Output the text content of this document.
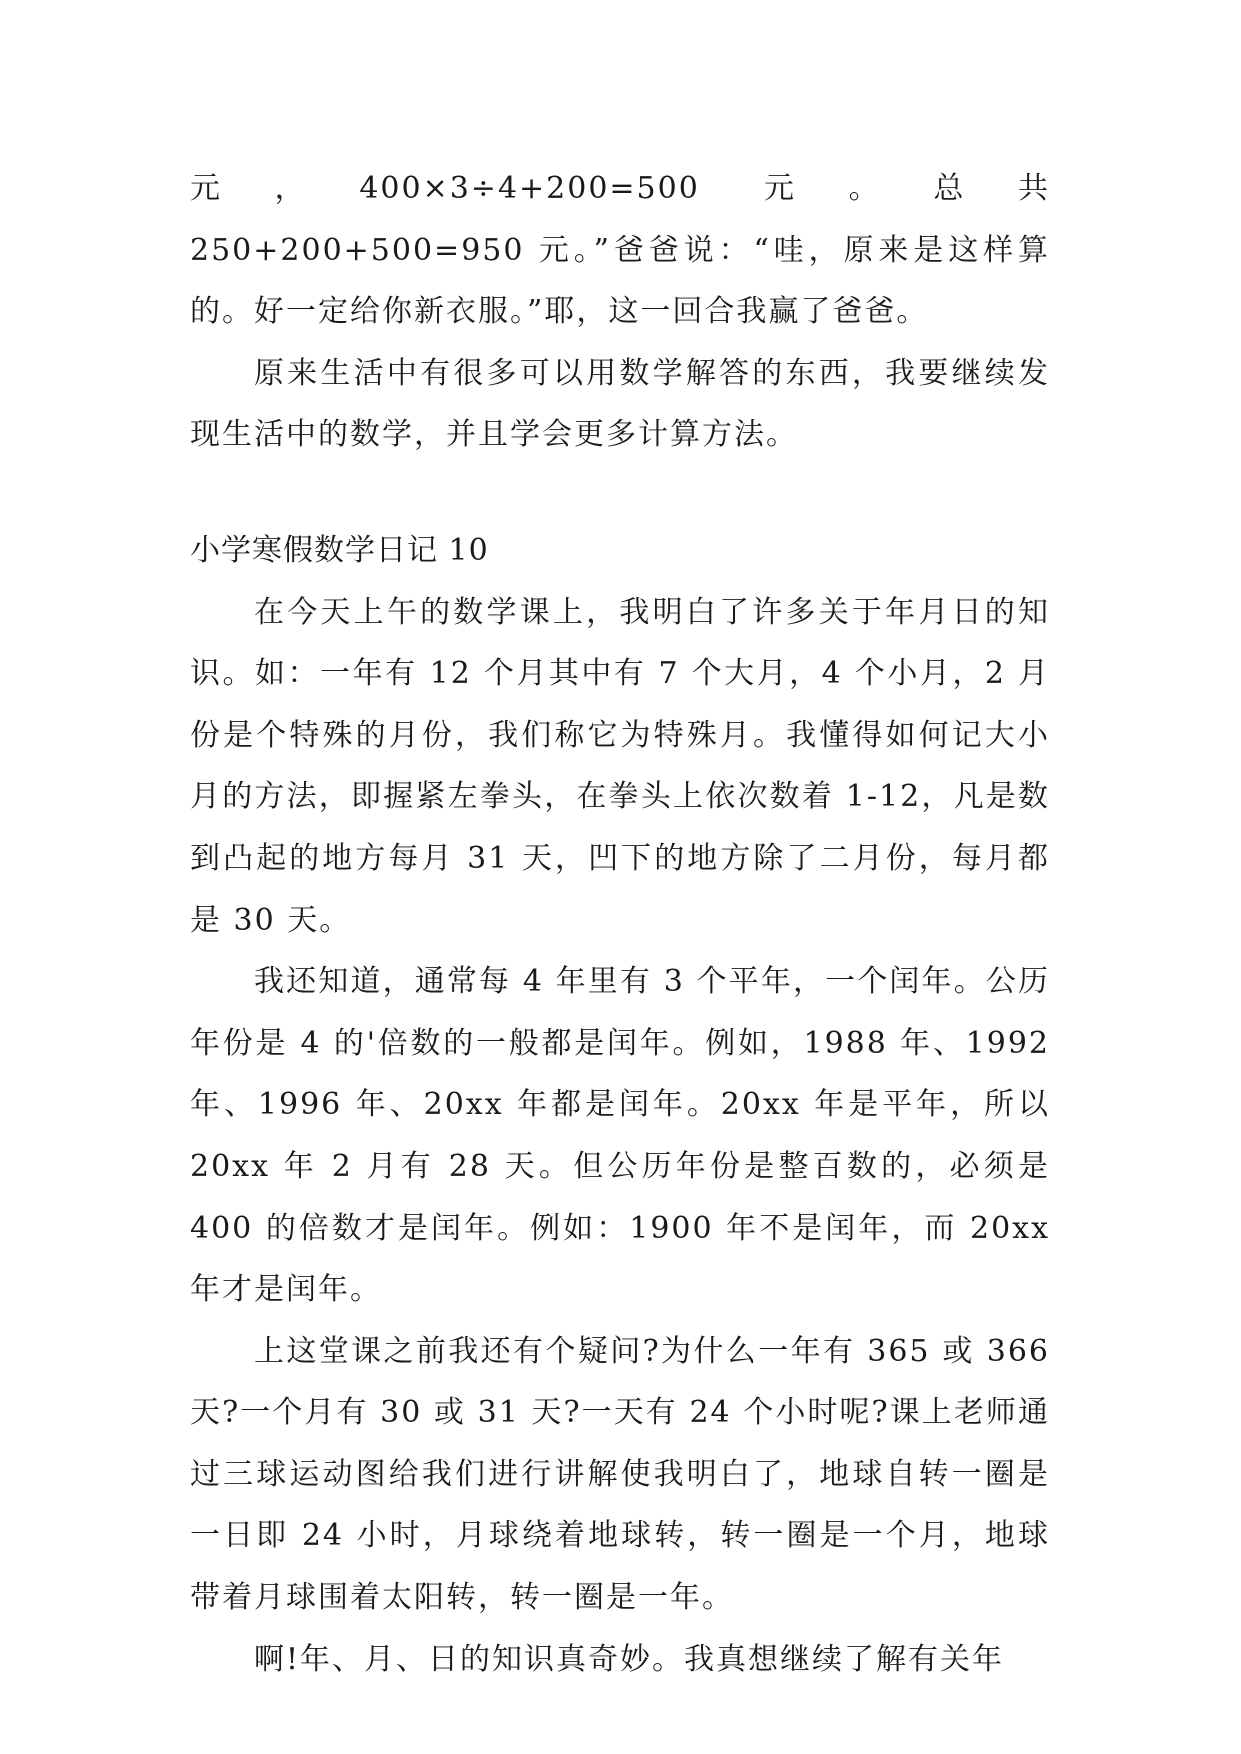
元，400×3÷4+200=500 元。总共 250+200+500=950 元。”爸爸说：“哇，原来是这样算的。好一定给你新衣服。”耶，这一回合我赢了爸爸。

原来生活中有很多可以用数学解答的东西，我要继续发现生活中的数学，并且学会更多计算方法。

小学寒假数学日记 10

在今天上午的数学课上，我明白了许多关于年月日的知识。如：一年有 12 个月其中有 7 个大月，4 个小月，2 月份是个特殊的月份，我们称它为特殊月。我懂得如何记大小月的方法，即握紧左拳头，在拳头上依次数着 1-12，凡是数到凸起的地方每月 31 天，凹下的地方除了二月份，每月都是 30 天。

我还知道，通常每 4 年里有 3 个平年，一个闰年。公历年份是 4 的'倍数的一般都是闰年。例如，1988 年、1992 年、1996 年、20xx 年都是闰年。20xx 年是平年，所以 20xx 年 2 月有 28 天。但公历年份是整百数的，必须是 400 的倍数才是闰年。例如：1900 年不是闰年，而 20xx 年才是闰年。

上这堂课之前我还有个疑问?为什么一年有 365 或 366 天?一个月有 30 或 31 天?一天有 24 个小时呢?课上老师通过三球运动图给我们进行讲解使我明白了，地球自转一圈是一日即 24 小时，月球绕着地球转，转一圈是一个月，地球带着月球围着太阳转，转一圈是一年。

啊!年、月、日的知识真奇妙。我真想继续了解有关年
